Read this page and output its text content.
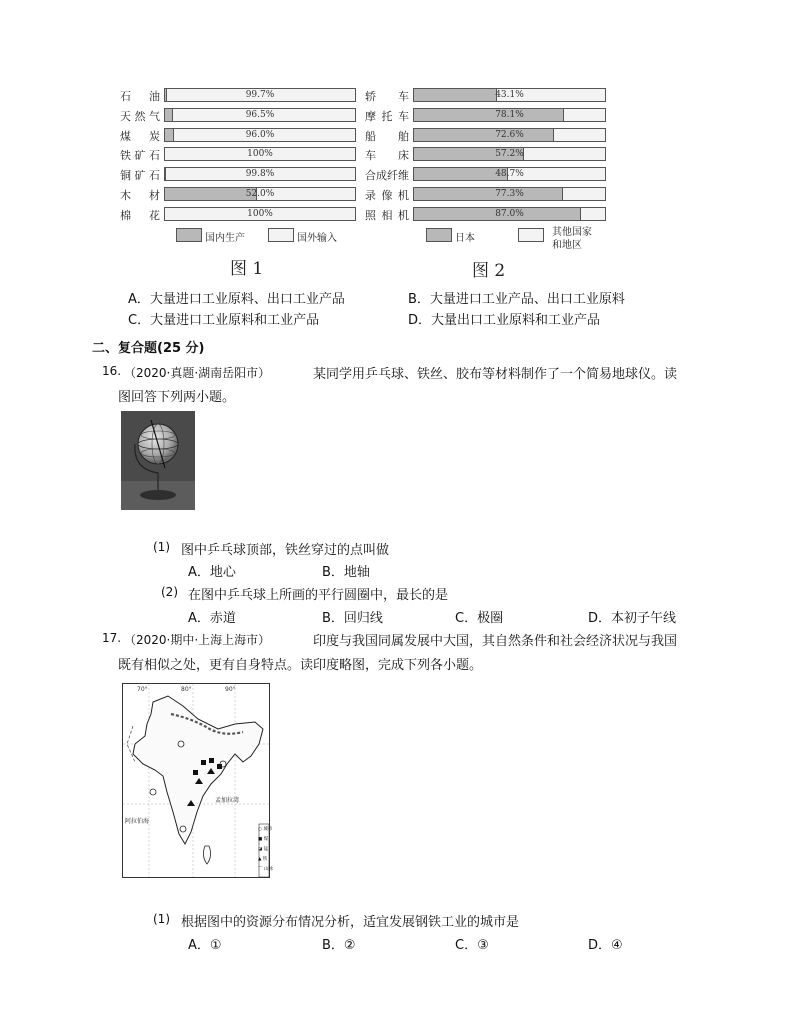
石 油	99.7%
天然气	96.5%
煤 炭	96.0%
铁矿石	100%
铜矿石	99.8%
木 材	52.0%
棉 花	100%
国内生产	国外输入
图 1
轿 车	43.1%
摩托车	78.1%
船 舶	72.6%
车 床	57.2%
合成纤维	48.7%
录像机	77.3%
照相机	87.0%
日本
其他国家
和地区
图 2
A．大量进口工业原料、出口工业产品	B．大量进口工业产品、出口工业原料
C．大量进口工业原料和工业产品	D．大量出口工业原料和工业产品
二、复合题(25 分)
16. （2020·真题·湖南岳阳市）	某同学用乒乓球、铁丝、胶布等材料制作了一个简易地球仪。读
图回答下列两小题。
(1) 图中乒乓球顶部，铁丝穿过的点叫做
A．地心	B．地轴
(2) 在图中乒乓球上所画的平行圆圈中，最长的是
A．赤道	B．回归线	C．极圈	D．本初子午线
17. （2020·期中·上海上海市）	印度与我国同属发展中大国，其自然条件和社会经济状况与我国
既有相似之处，更有自身特点。读印度略图，完成下列各小题。
70°	80°	90°
阿拉伯海
孟加拉湾
○ 城市
■ 煤
◪ 锰
▲ 铁
⌒ 山脉
(1) 根据图中的资源分布情况分析，适宜发展钢铁工业的城市是
A．①	B．②	C．③	D．④
